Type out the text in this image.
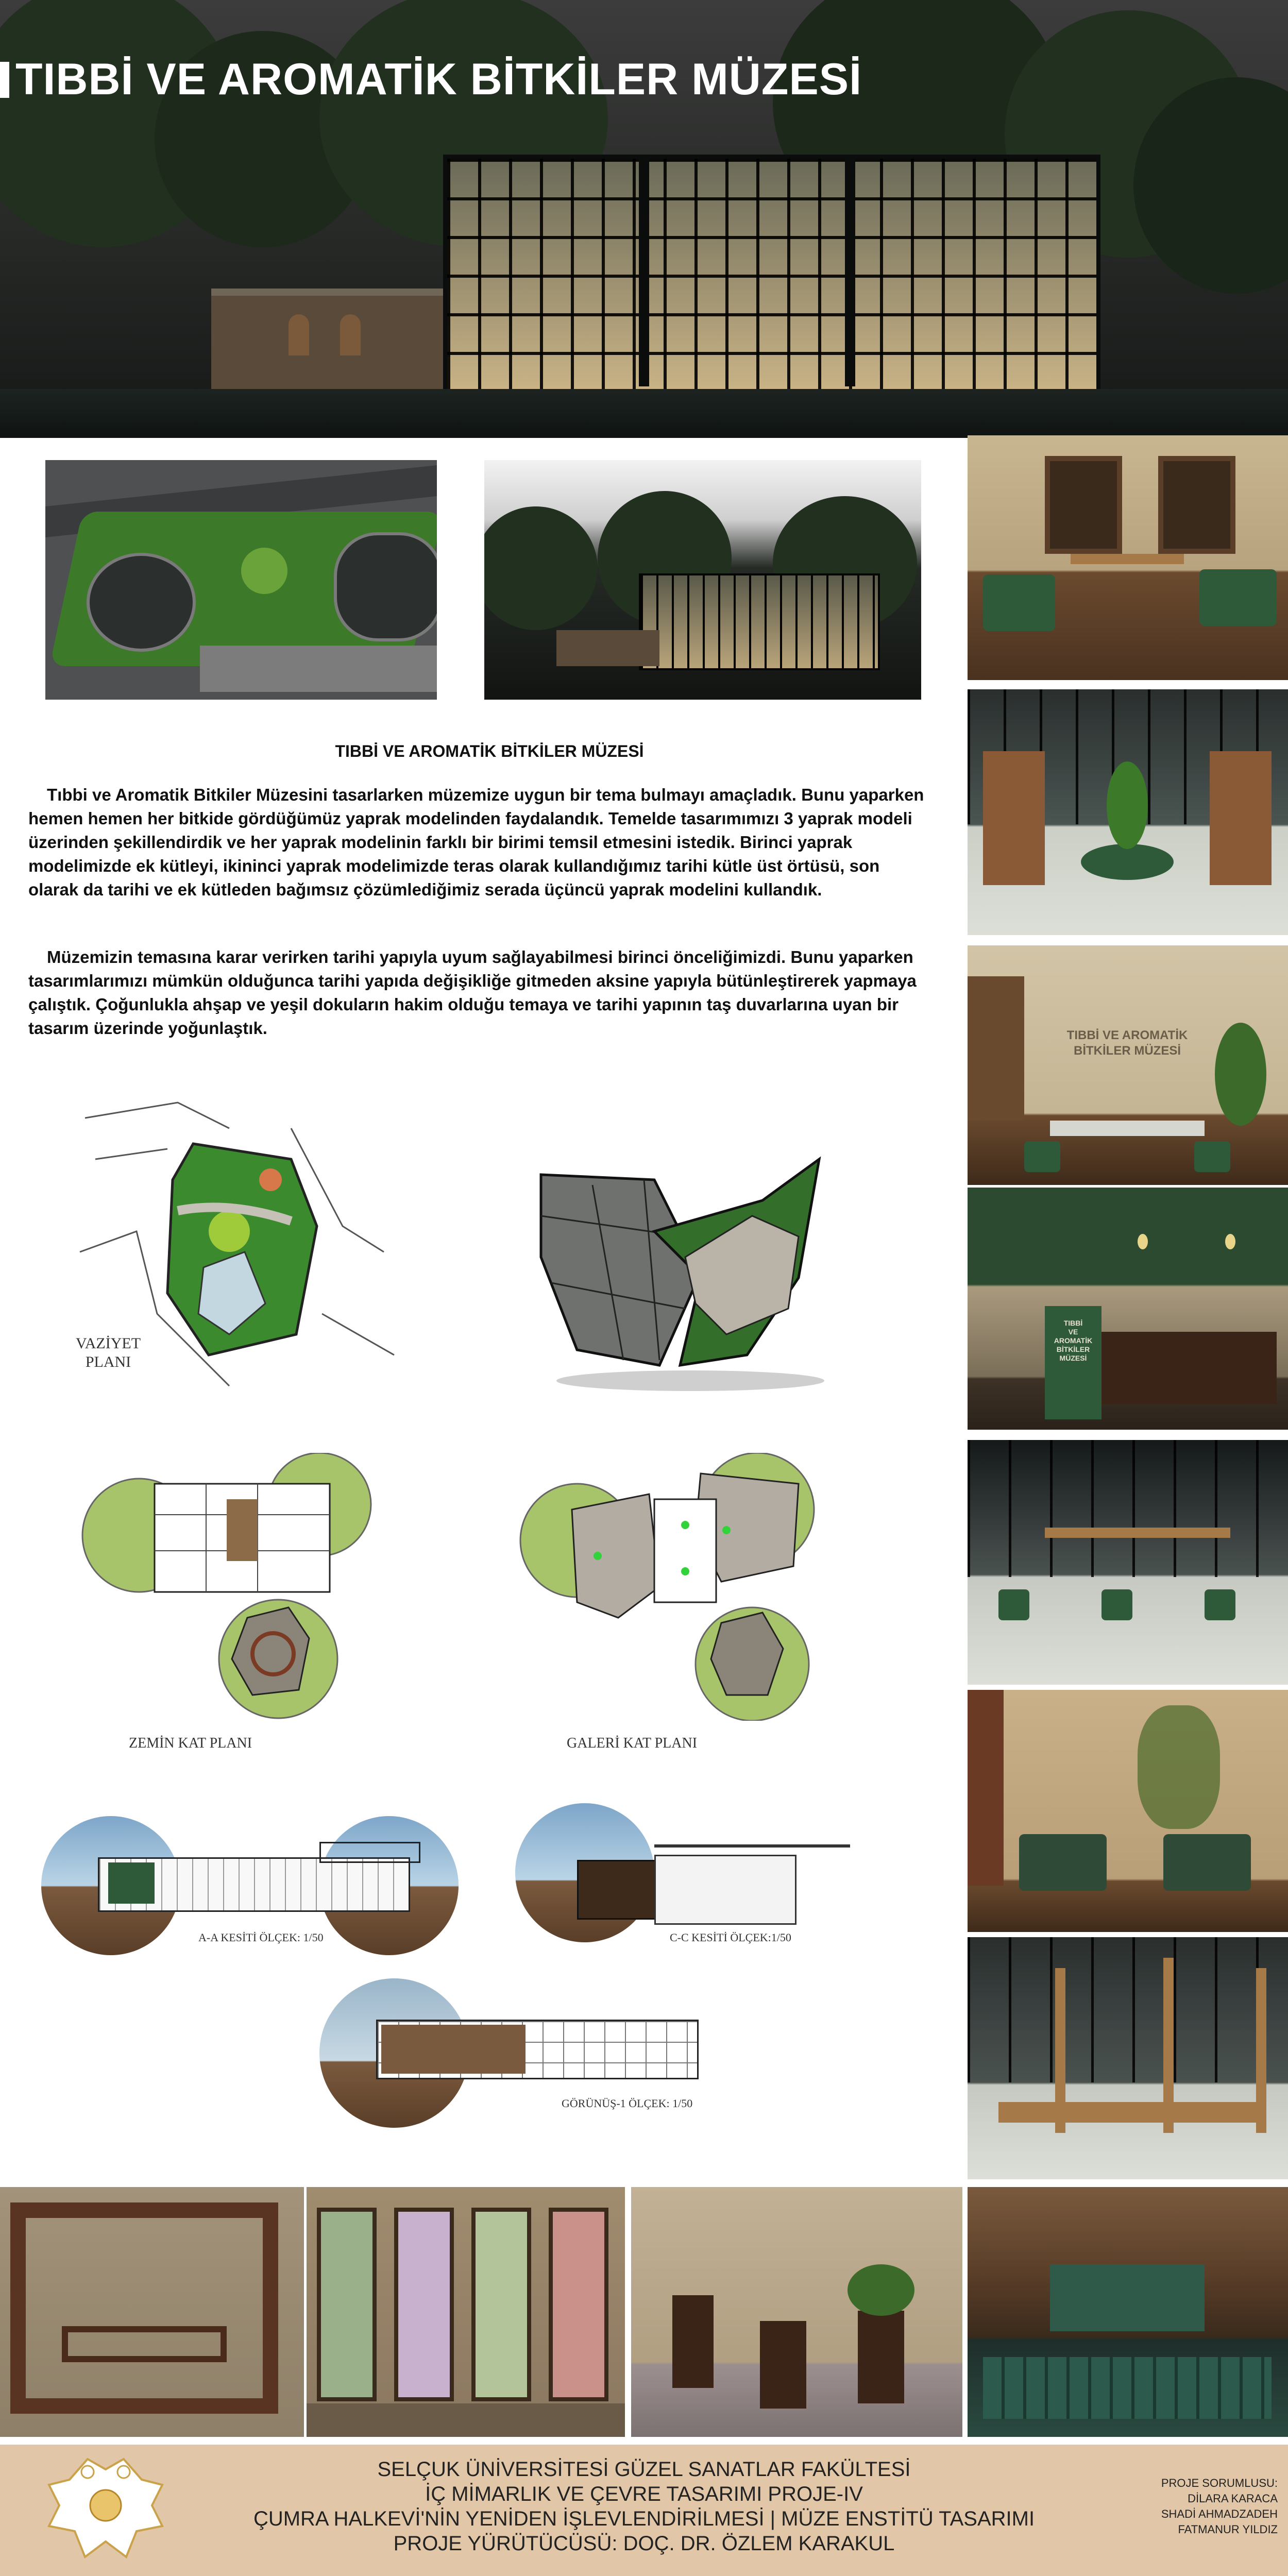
TIBBİ VE AROMATİK BİTKİLER MÜZESİ
TIBBİ VE AROMATİK
BİTKİLER MÜZESİ
TIBBİ
VE
AROMATİK
BİTKİLER
MÜZESİ
TIBBİ VE AROMATİK BİTKİLER MÜZESİ

Tıbbi ve Aromatik Bitkiler Müzesini tasarlarken müzemize uygun bir tema bulmayı amaçladık. Bunu yaparken hemen hemen her bitkide gördüğümüz yaprak modelinden faydalandık. Temelde tasarımımızı 3 yaprak modeli üzerinden şekillendirdik ve her yaprak modelinin farklı bir birimi temsil etmesini istedik. Birinci yaprak modelimizde ek kütleyi, ikininci yaprak modelimizde teras olarak kullandığımız tarihi kütle üst örtüsü, son olarak da tarihi ve ek kütleden bağımsız çözümlediğimiz serada üçüncü yaprak modelini kullandık.

Müzemizin temasına karar verirken tarihi yapıyla uyum sağlayabilmesi birinci önceliğimizdi. Bunu yaparken tasarımlarımızı mümkün olduğunca tarihi yapıda değişikliğe gitmeden aksine yapıyla bütünleştirerek yapmaya çalıştık. Çoğunlukla ahşap ve yeşil dokuların hakim olduğu temaya ve tarihi yapının taş duvarlarına uyan bir tasarım üzerinde yoğunlaştık.

VAZİYET
PLANI
ZEMİN KAT PLANI	GALERİ KAT PLANI
A-A KESİTİ ÖLÇEK: 1/50	C-C KESİTİ ÖLÇEK:1/50
GÖRÜNÜŞ-1 ÖLÇEK: 1/50
SELÇUK ÜNİVERSİTESİ GÜZEL SANATLAR FAKÜLTESİ
İÇ MİMARLIK VE ÇEVRE TASARIMI PROJE-IV
ÇUMRA HALKEVİ'NİN YENİDEN İŞLEVLENDİRİLMESİ | MÜZE ENSTİTÜ TASARIMI
PROJE YÜRÜTÜCÜSÜ: DOÇ. DR. ÖZLEM KARAKUL
PROJE SORUMLUSU:
DİLARA KARACA
SHADİ AHMADZADEH
FATMANUR YILDIZ
